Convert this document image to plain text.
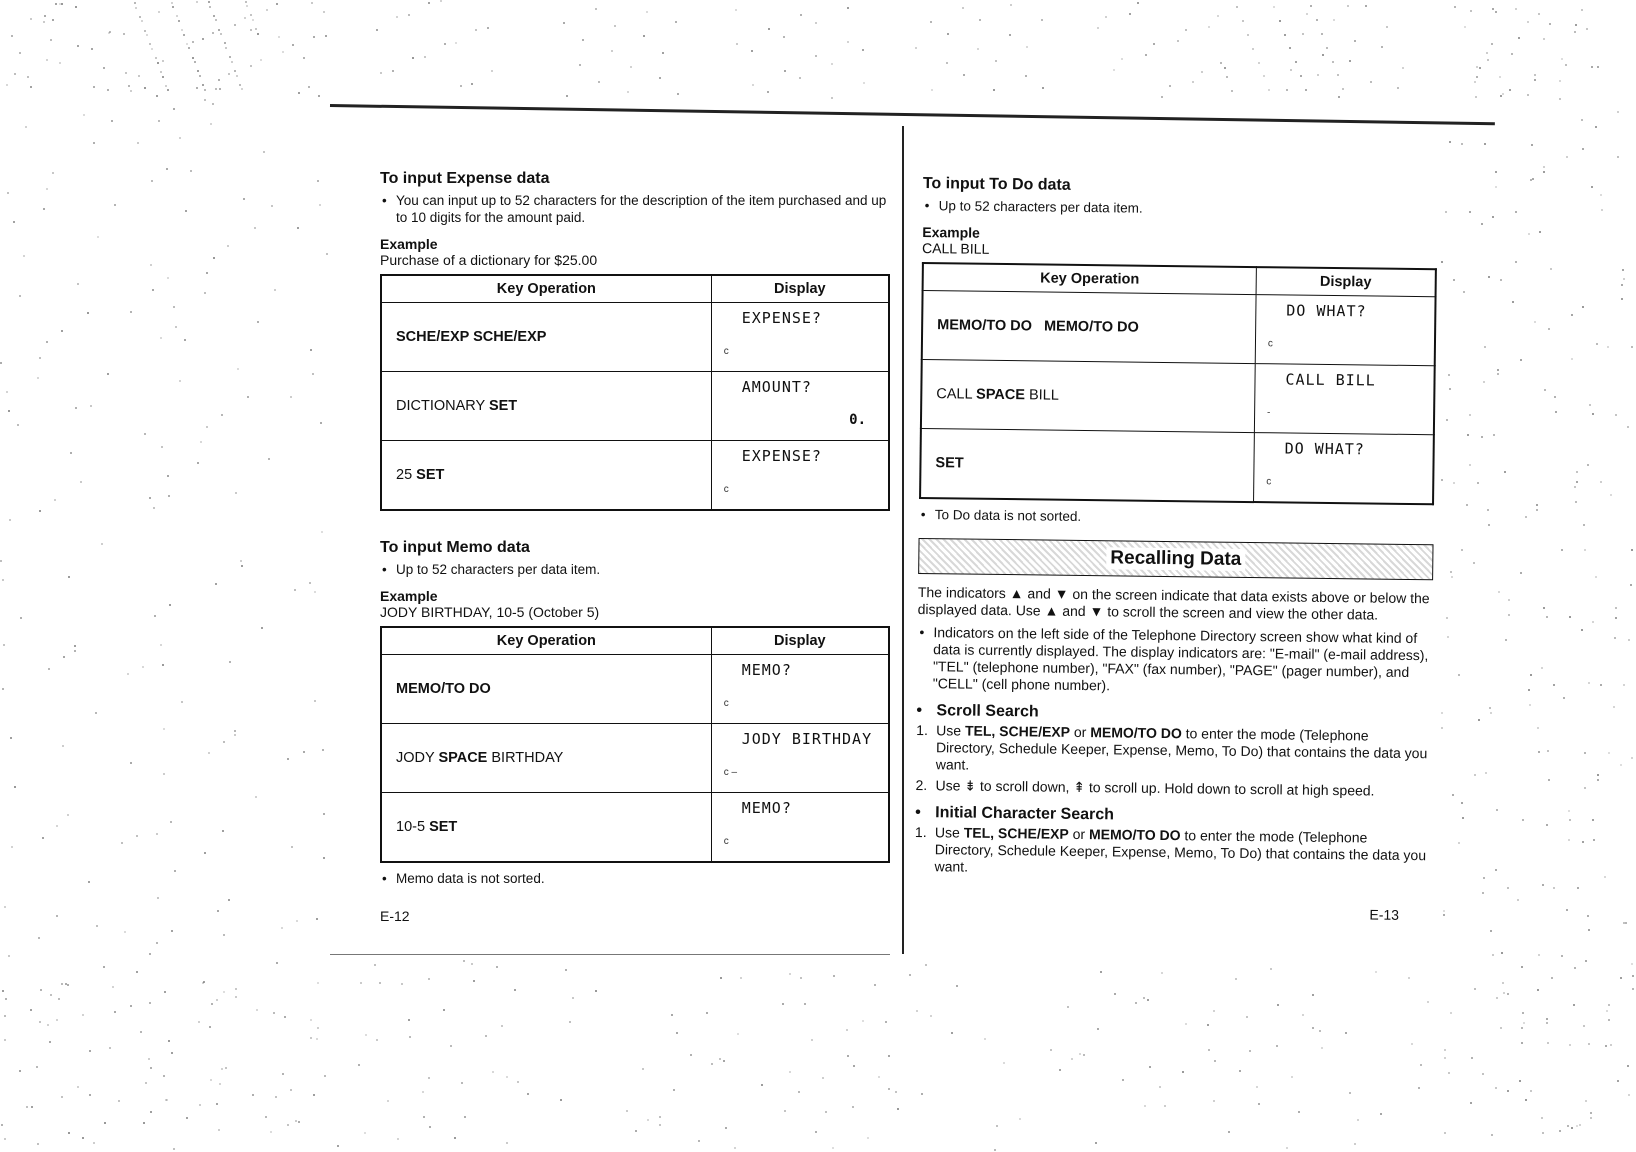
To input Expense data

• You can input up to 52 characters for the description of the item purchased and up to 10 digits for the amount paid.

Example

Purchase of a dictionary for $25.00

Key Operation	Display
SCHE/EXP SCHE/EXP	EXPENSE?
c

DICTIONARY SET	AMOUNT?
0.

25 SET	EXPENSE?
c
To input Memo data

• Up to 52 characters per data item.

Example

JODY BIRTHDAY, 10-5 (October 5)

Key Operation	Display
MEMO/TO DO	MEMO?
c

JODY SPACE BIRTHDAY	JODY BIRTHDAY
c –

10-5 SET	MEMO?
c
• Memo data is not sorted.
E-12
To input To Do data

• Up to 52 characters per data item.

Example

CALL BILL

Key Operation	Display
MEMO/TO DO   MEMO/TO DO	DO WHAT?
c

CALL SPACE BILL	CALL BILL
-

SET	DO WHAT?
c
• To Do data is not sorted.
Recalling Data

The indicators ▲ and ▼ on the screen indicate that data exists above or below the displayed data. Use ▲ and ▼ to scroll the screen and view the other data.

• Indicators on the left side of the Telephone Directory screen show what kind of data is currently displayed. The display indicators are: "E-mail" (e-mail address), "TEL" (telephone number), "FAX" (fax number), "PAGE" (pager number), and "CELL" (cell phone number).

• Scroll Search
1. Use TEL, SCHE/EXP or MEMO/TO DO to enter the mode (Telephone Directory, Schedule Keeper, Expense, Memo, To Do) that contains the data you want.
2. Use ⇟ to scroll down, ⇞ to scroll up. Hold down to scroll at high speed.
• Initial Character Search
1. Use TEL, SCHE/EXP or MEMO/TO DO to enter the mode (Telephone Directory, Schedule Keeper, Expense, Memo, To Do) that contains the data you want.
E-13
